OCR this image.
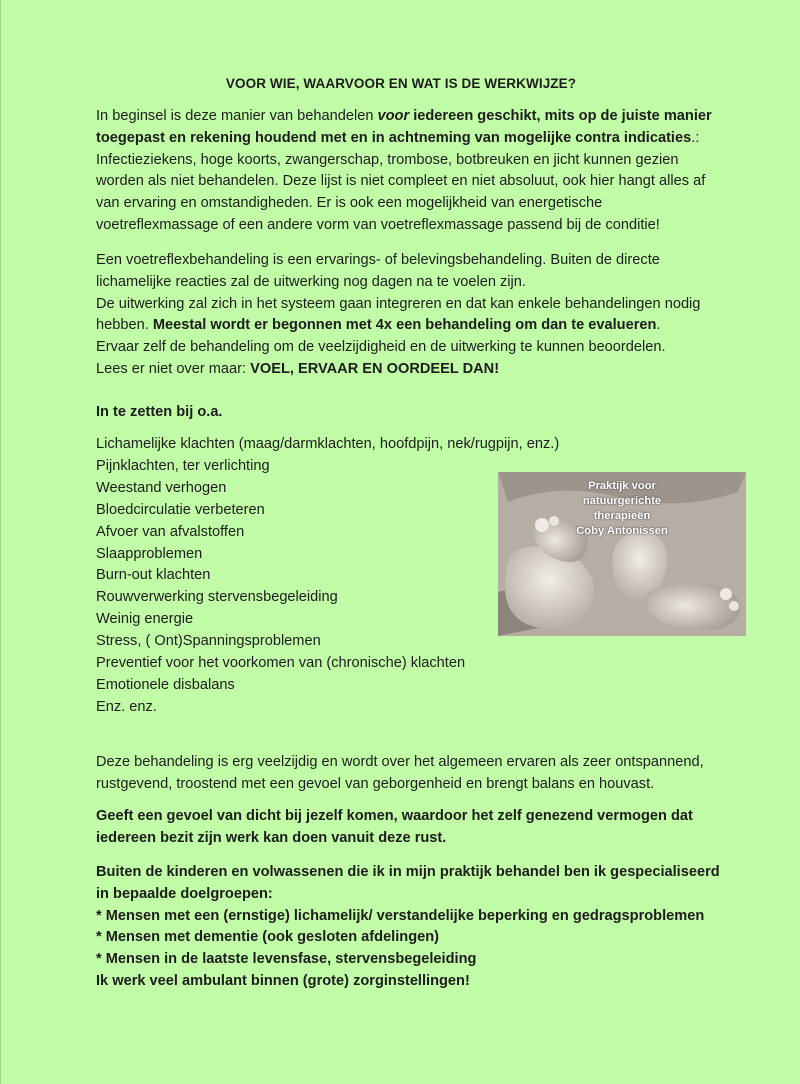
VOOR WIE, WAARVOOR EN WAT IS DE WERKWIJZE?

In beginsel is deze manier van behandelen voor iedereen geschikt, mits op de juiste manier toegepast en rekening houdend met en in achtneming van mogelijke contra indicaties.: Infectieziekens, hoge koorts, zwangerschap, trombose, botbreuken en jicht kunnen gezien worden als niet behandelen. Deze lijst is niet compleet en niet absoluut, ook hier hangt alles af van ervaring en omstandigheden. Er is ook een mogelijkheid van energetische voetreflexmassage of een andere vorm van voetreflexmassage passend bij de conditie!

Een voetreflexbehandeling is een ervarings- of belevingsbehandeling. Buiten de directe lichamelijke reacties zal de uitwerking nog dagen na te voelen zijn.

De uitwerking zal zich in het systeem gaan integreren en dat kan enkele behandelingen nodig hebben. Meestal wordt er begonnen met 4x een behandeling om dan te evalueren.

Ervaar zelf de behandeling om de veelzijdigheid en de uitwerking te kunnen beoordelen.

Lees er niet over maar: VOEL, ERVAAR EN OORDEEL DAN!

In te zetten bij o.a.
Lichamelijke klachten (maag/darmklachten, hoofdpijn, nek/rugpijn, enz.)
Pijnklachten, ter verlichting
Weestand verhogen
Bloedcirculatie verbeteren
Afvoer van afvalstoffen
Slaapproblemen
Burn-out klachten
Rouwverwerking stervensbegeleiding
Weinig energie
Stress, ( Ont)Spanningsproblemen
Preventief voor het voorkomen van (chronische) klachten
Emotionele disbalans
Enz. enz.
Praktijk voor
natuurgerichte
therapieën
Coby Antonissen
Deze behandeling is erg veelzijdig en wordt over het algemeen ervaren als zeer ontspannend, rustgevend, troostend met een gevoel van geborgenheid en brengt balans en houvast.
Geeft een gevoel van dicht bij jezelf komen, waardoor het zelf genezend vermogen dat iedereen bezit zijn werk kan doen vanuit deze rust.

Buiten de kinderen en volwassenen die ik in mijn praktijk behandel ben ik gespecialiseerd in bepaalde doelgroepen:

* Mensen met een (ernstige) lichamelijk/ verstandelijke beperking en gedragsproblemen

* Mensen met dementie (ook gesloten afdelingen)

* Mensen in de laatste levensfase, stervensbegeleiding

Ik werk veel ambulant binnen (grote) zorginstellingen!
